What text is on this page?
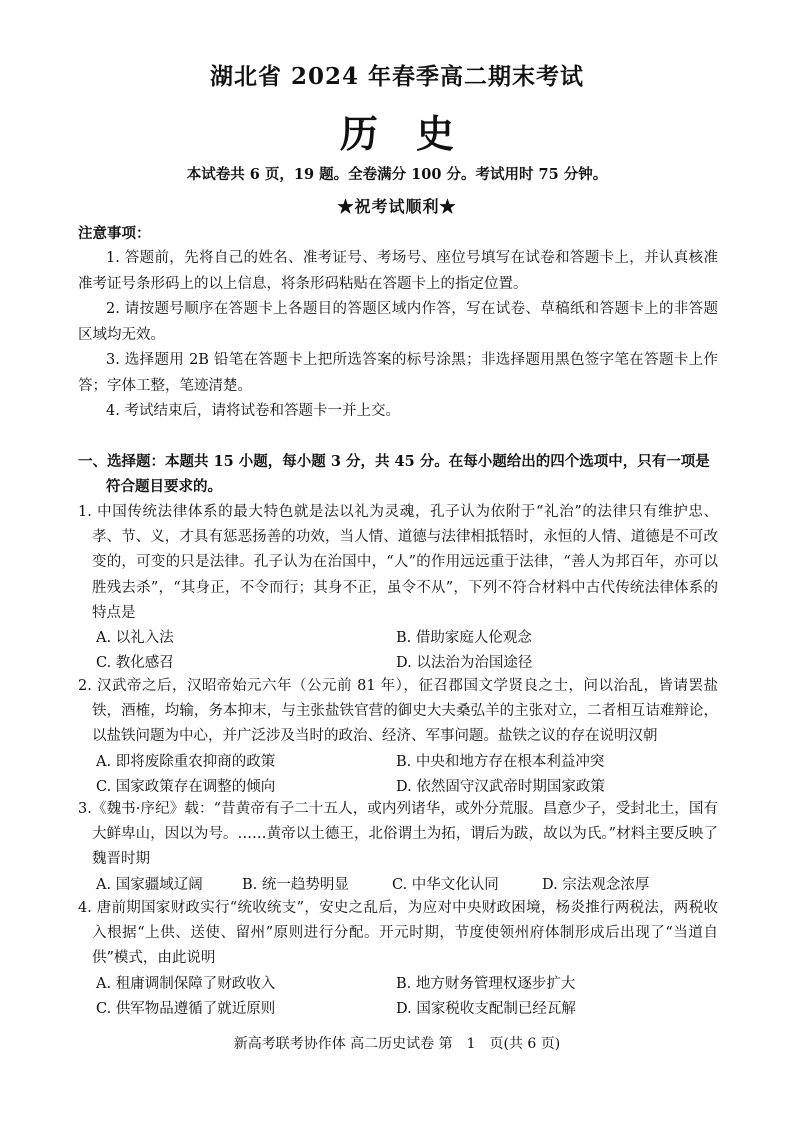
湖北省 2024 年春季高二期末考试
历　史
本试卷共 6 页，19 题。全卷满分 100 分。考试用时 75 分钟。
★祝考试顺利★
注意事项：

1. 答题前，先将自己的姓名、准考证号、考场号、座位号填写在试卷和答题卡上，并认真核准准考证号条形码上的以上信息，将条形码粘贴在答题卡上的指定位置。

2. 请按题号顺序在答题卡上各题目的答题区域内作答，写在试卷、草稿纸和答题卡上的非答题区域均无效。

3. 选择题用 2B 铅笔在答题卡上把所选答案的标号涂黑；非选择题用黑色签字笔在答题卡上作答；字体工整，笔迹清楚。

4. 考试结束后，请将试卷和答题卡一并上交。

一、选择题：本题共 15 小题，每小题 3 分，共 45 分。在每小题给出的四个选项中，只有一项是
符合题目要求的。

1. 中国传统法律体系的最大特色就是法以礼为灵魂，孔子认为依附于“礼治”的法律只有维护忠、孝、节、义，才具有惩恶扬善的功效，当人情、道德与法律相抵牾时，永恒的人情、道德是不可改变的，可变的只是法律。孔子认为在治国中，“人”的作用远远重于法律，“善人为邦百年，亦可以胜残去杀”，“其身正，不令而行；其身不正，虽令不从”，下列不符合材料中古代传统法律体系的特点是

A. 以礼入法	B. 借助家庭人伦观念
C. 教化感召	D. 以法治为治国途径

2. 汉武帝之后，汉昭帝始元六年（公元前 81 年），征召郡国文学贤良之士，问以治乱，皆请罢盐铁，酒榷，均输，务本抑末，与主张盐铁官营的御史大夫桑弘羊的主张对立，二者相互诘难辩论，以盐铁问题为中心，并广泛涉及当时的政治、经济、军事问题。盐铁之议的存在说明汉朝

A. 即将废除重农抑商的政策	B. 中央和地方存在根本利益冲突
C. 国家政策存在调整的倾向	D. 依然固守汉武帝时期国家政策

3.《魏书·序纪》载：“昔黄帝有子二十五人，或内列诸华，或外分荒服。昌意少子，受封北土，国有大鲜卑山，因以为号。……黄帝以土德王，北俗谓土为拓，谓后为跋，故以为氏。”材料主要反映了魏晋时期

A. 国家疆域辽阔	B. 统一趋势明显	C. 中华文化认同	D. 宗法观念浓厚

4. 唐前期国家财政实行“统收统支”，安史之乱后，为应对中央财政困境，杨炎推行两税法，两税收入根据“上供、送使、留州”原则进行分配。开元时期，节度使领州府体制形成后出现了“当道自供”模式，由此说明

A. 租庸调制保障了财政收入	B. 地方财务管理权逐步扩大
C. 供军物品遵循了就近原则	D. 国家税收支配制已经瓦解
新高考联考协作体 高二历史试卷 第　1　页(共 6 页)
